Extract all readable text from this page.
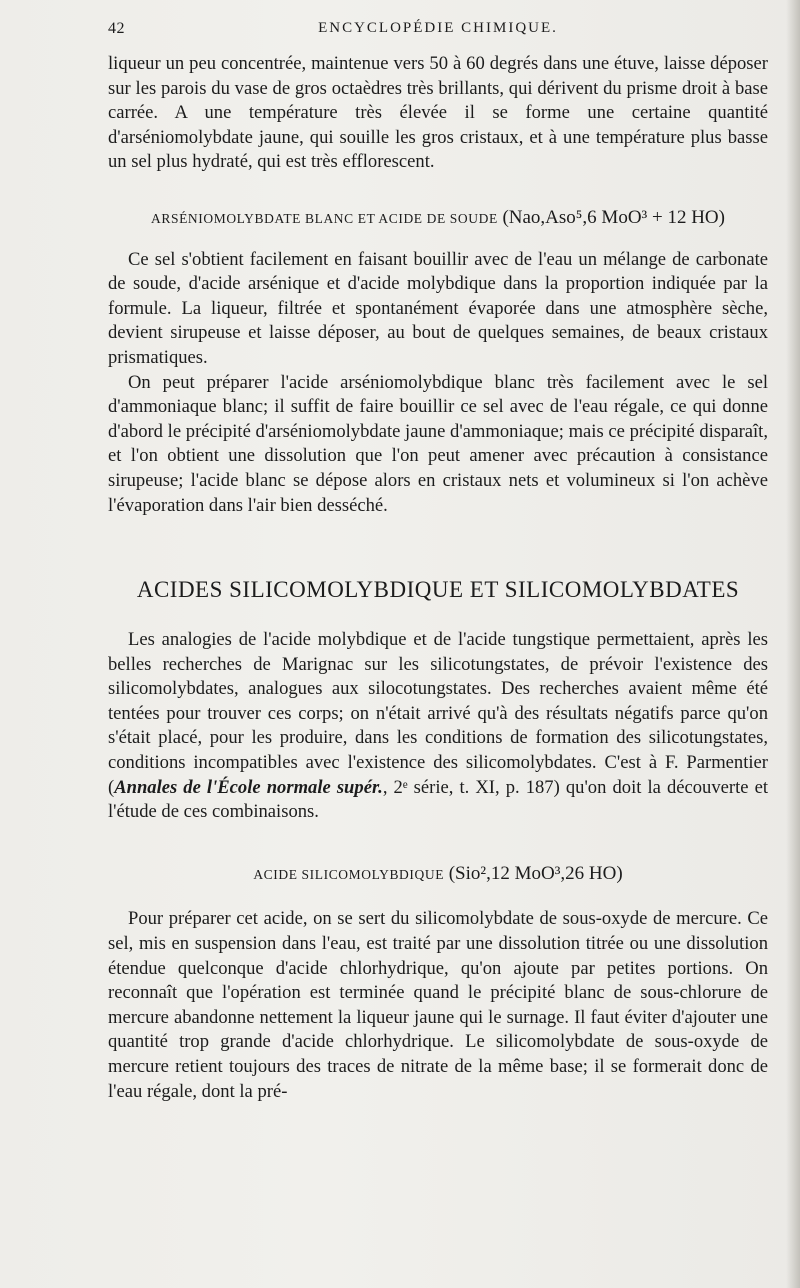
42	ENCYCLOPÉDIE CHIMIQUE.

liqueur un peu concentrée, maintenue vers 50 à 60 degrés dans une étuve, laisse déposer sur les parois du vase de gros octaèdres très brillants, qui dérivent du prisme droit à base carrée. A une température très élevée il se forme une certaine quantité d'arséniomolybdate jaune, qui souille les gros cristaux, et à une température plus basse un sel plus hydraté, qui est très efflorescent.

ARSÉNIOMOLYBDATE BLANC ET ACIDE DE SOUDE (Nao,Aso⁵,6 MoO³ + 12 HO)

Ce sel s'obtient facilement en faisant bouillir avec de l'eau un mélange de carbonate de soude, d'acide arsénique et d'acide molybdique dans la proportion indiquée par la formule. La liqueur, filtrée et spontanément évaporée dans une atmosphère sèche, devient sirupeuse et laisse déposer, au bout de quelques semaines, de beaux cristaux prismatiques.

On peut préparer l'acide arséniomolybdique blanc très facilement avec le sel d'ammoniaque blanc; il suffit de faire bouillir ce sel avec de l'eau régale, ce qui donne d'abord le précipité d'arséniomolybdate jaune d'ammoniaque; mais ce précipité disparaît, et l'on obtient une dissolution que l'on peut amener avec précaution à consistance sirupeuse; l'acide blanc se dépose alors en cristaux nets et volumineux si l'on achève l'évaporation dans l'air bien desséché.

ACIDES SILICOMOLYBDIQUE ET SILICOMOLYBDATES

Les analogies de l'acide molybdique et de l'acide tungstique permettaient, après les belles recherches de Marignac sur les silicotungstates, de prévoir l'existence des silicomolybdates, analogues aux silocotungstates. Des recherches avaient même été tentées pour trouver ces corps; on n'était arrivé qu'à des résultats négatifs parce qu'on s'était placé, pour les produire, dans les conditions de formation des silicotungstates, conditions incompatibles avec l'existence des silicomolybdates. C'est à F. Parmentier (Annales de l'École normale supér., 2ᵉ série, t. XI, p. 187) qu'on doit la découverte et l'étude de ces combinaisons.

ACIDE SILICOMOLYBDIQUE (Sio²,12 MoO³,26 HO)

Pour préparer cet acide, on se sert du silicomolybdate de sous-oxyde de mercure. Ce sel, mis en suspension dans l'eau, est traité par une dissolution titrée ou une dissolution étendue quelconque d'acide chlorhydrique, qu'on ajoute par petites portions. On reconnaît que l'opération est terminée quand le précipité blanc de sous-chlorure de mercure abandonne nettement la liqueur jaune qui le surnage. Il faut éviter d'ajouter une quantité trop grande d'acide chlorhydrique. Le silicomolybdate de sous-oxyde de mercure retient toujours des traces de nitrate de la même base; il se formerait donc de l'eau régale, dont la pré-
